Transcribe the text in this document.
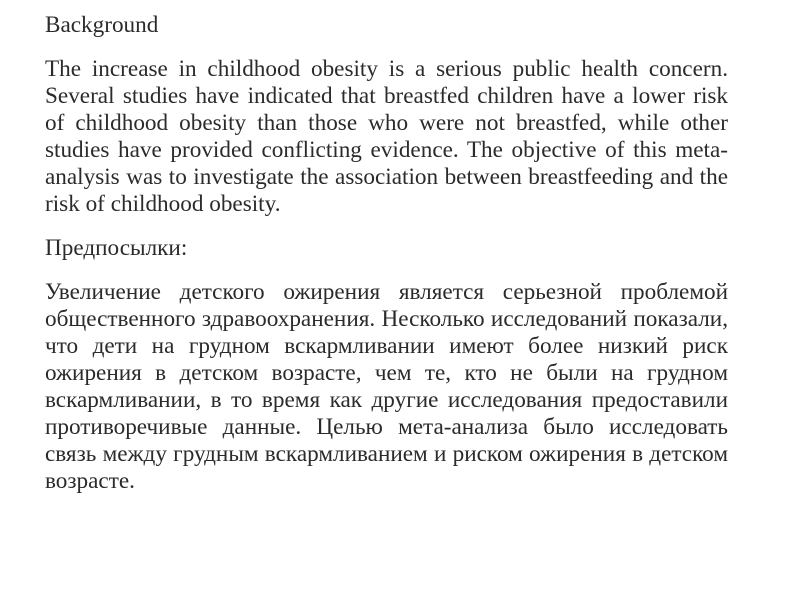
Background
The increase in childhood obesity is a serious public health concern. Several studies have indicated that breastfed children have a lower risk of childhood obesity than those who were not breastfed, while other studies have provided conflicting evidence. The objective of this meta-analysis was to investigate the association between breastfeeding and the risk of childhood obesity.
Предпосылки:
Увеличение детского ожирения является серьезной проблемой общественного здравоохранения. Несколько исследований показали, что дети на грудном вскармливании имеют более низкий риск ожирения в детском возрасте, чем те, кто не были на грудном вскармливании, в то время как другие исследования предоставили противоречивые данные. Целью мета-анализа было исследовать связь между грудным вскармливанием и риском ожирения в детском возрасте.
